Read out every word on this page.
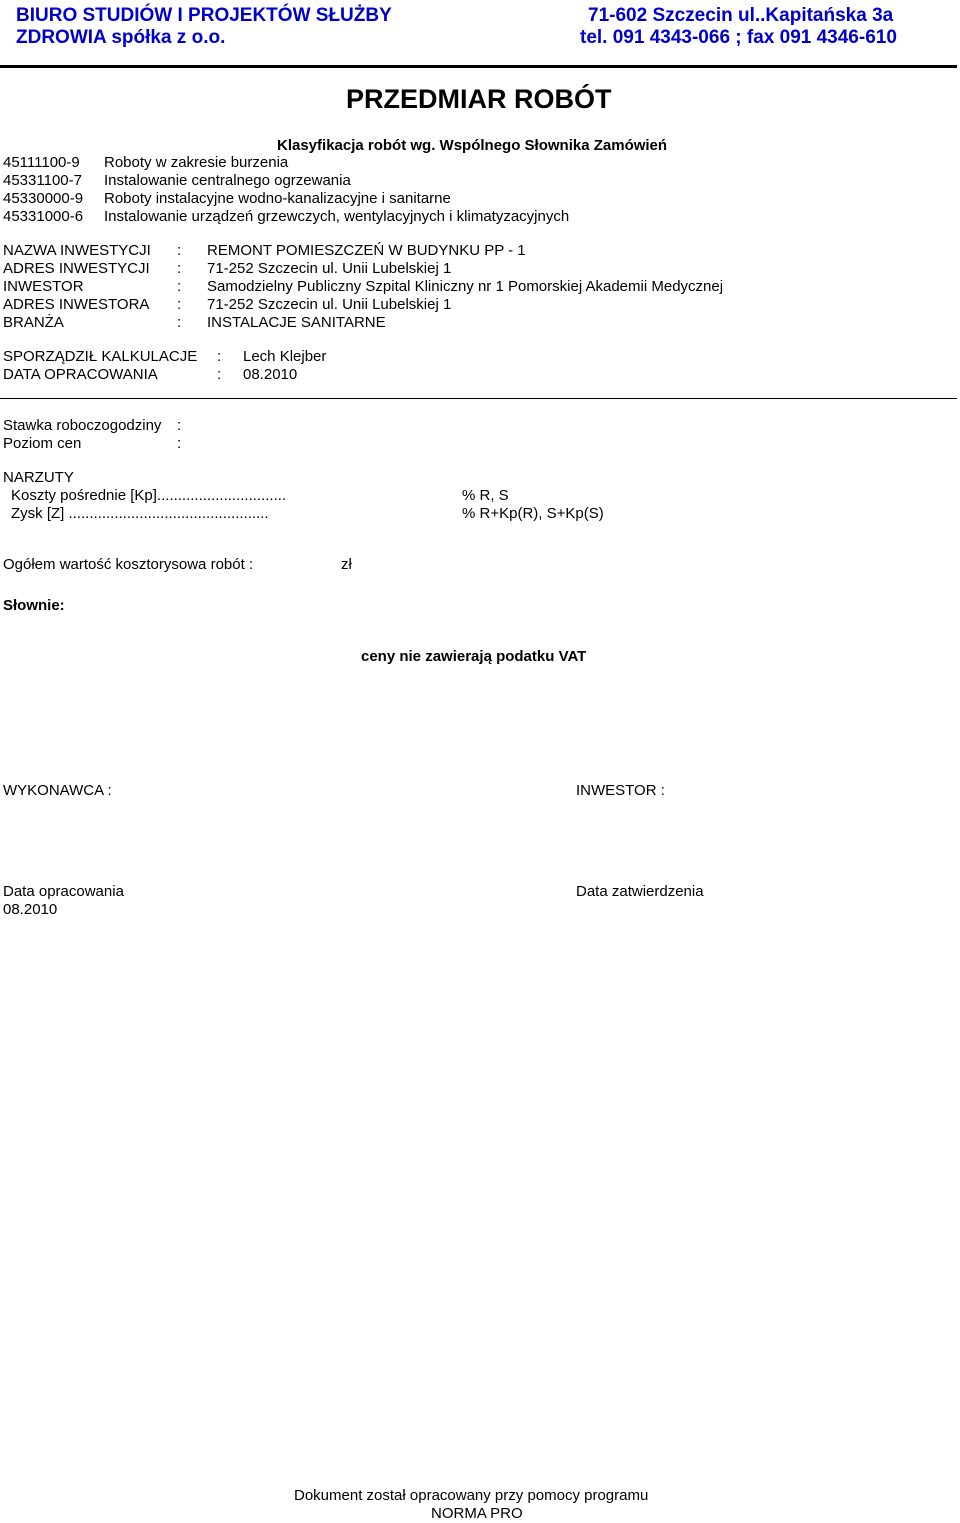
BIURO STUDIÓW I PROJEKTÓW SŁUŻBY
ZDROWIA spółka z o.o.
71-602 Szczecin ul..Kapitańska 3a
tel. 091 4343-066 ; fax 091 4346-610
PRZEDMIAR ROBÓT
Klasyfikacja robót wg. Wspólnego Słownika Zamówień
45111100-9 Roboty w zakresie burzenia
45331100-7 Instalowanie centralnego ogrzewania
45330000-9 Roboty instalacyjne wodno-kanalizacyjne i sanitarne
45331000-6 Instalowanie urządzeń grzewczych, wentylacyjnych i klimatyzacyjnych
NAZWA INWESTYCJI : REMONT POMIESZCZEŃ W BUDYNKU PP - 1
ADRES INWESTYCJI : 71-252 Szczecin ul. Unii Lubelskiej 1
INWESTOR	: Samodzielny Publiczny Szpital Kliniczny nr 1 Pomorskiej Akademii Medycznej
ADRES INWESTORA : 71-252 Szczecin ul. Unii Lubelskiej 1
BRANŻA	: INSTALACJE SANITARNE
SPORZĄDZIŁ KALKULACJE : Lech Klejber
DATA OPRACOWANIA	: 08.2010
Stawka roboczogodziny :
Poziom cen	:
NARZUTY
Koszty pośrednie [Kp]...............................	% R, S
Zysk [Z] ................................................	% R+Kp(R), S+Kp(S)
Ogółem wartość kosztorysowa robót :	zł
Słownie:
ceny nie zawierają podatku VAT
WYKONAWCA :	INWESTOR :
Data opracowania
08.2010
Data zatwierdzenia
Dokument został opracowany przy pomocy programu
NORMA PRO
